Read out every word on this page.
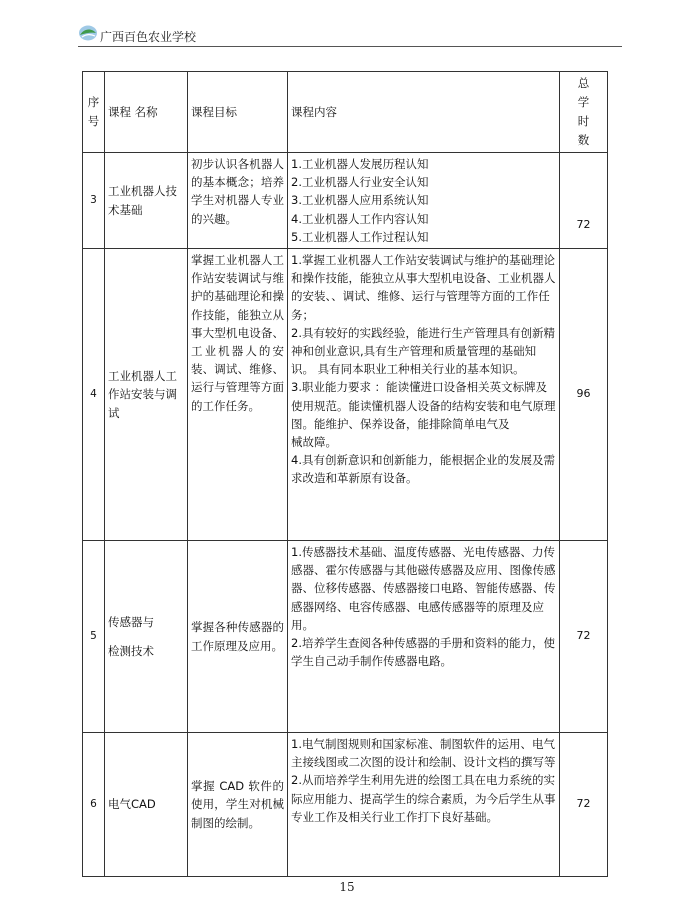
广西百色农业学校
序
号	课程 名称	课程目标	课程内容	总
学
时
数
3	工业机器人技术基础	初步认识各机器人的基本概念；培养学生对机器人专业的兴趣。	1.工业机器人发展历程认知
2.工业机器人行业安全认知
3.工业机器人应用系统认知
4.工业机器人工作内容认知
5.工业机器人工作过程认知	72
4	工业机器人工作站安装与调试	掌握工业机器人工作站安装调试与维护的基础理论和操作技能，能独立从事大型机电设备、工业机器人的安装、调试、维修、运行与管理等方面的工作任务。	1.掌握工业机器人工作站安装调试与维护的基础理论和操作技能，能独立从事大型机电设备、工业机器人的安装、、调试、维修、运行与管理等方面的工作任务；
2.具有较好的实践经验，能进行生产管理具有创新精神和创业意识,具有生产管理和质量管理的基础知识。 具有同本职业工种相关行业的基本知识。
3.职业能力要求 ：能读懂进口设备相关英文标牌及使用规范。能读懂机器人设备的结构安装和电气原理图。能维护、保养设备，能排除简单电气及
械故障。
4.具有创新意识和创新能力，能根据企业的发展及需求改造和革新原有设备。	96
5	传感器与
检测技术	掌握各种传感器的工作原理及应用。	1.传感器技术基础、温度传感器、光电传感器、力传感器、霍尔传感器与其他磁传感器及应用、图像传感器、位移传感器、传感器接口电路、智能传感器、传感器网络、电容传感器、电感传感器等的原理及应用。
2.培养学生查阅各种传感器的手册和资料的能力，使学生自己动手制作传感器电路。	72
6	电气CAD	掌握 CAD 软件的使用，学生对机械制图的绘制。	1.电气制图规则和国家标准、制图软件的运用、电气主接线图或二次图的设计和绘制、设计文档的撰写等
2.从而培养学生利用先进的绘图工具在电力系统的实际应用能力、提高学生的综合素质，为今后学生从事专业工作及相关行业工作打下良好基础。	72
15
